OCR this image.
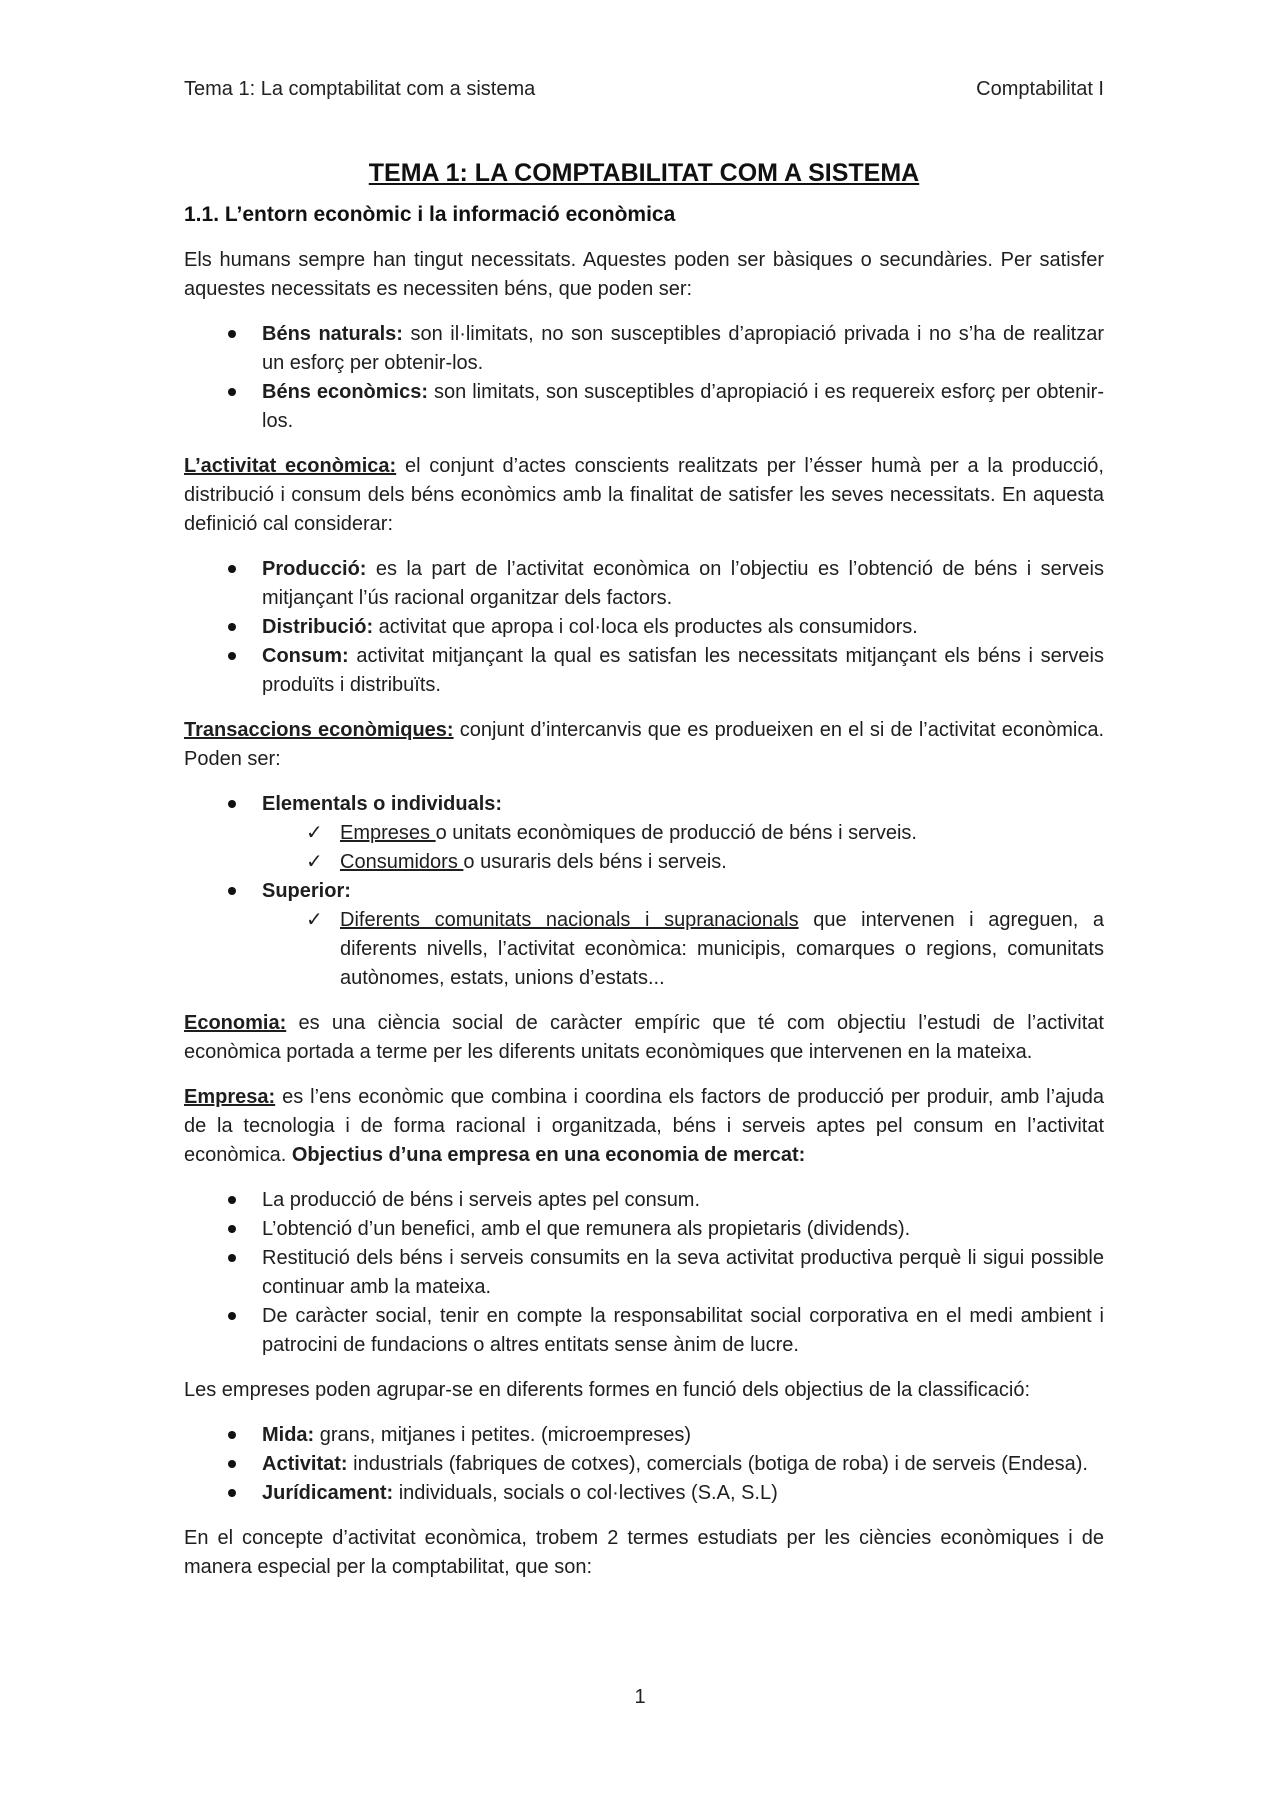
Tema 1: La comptabilitat com a sistema	Comptabilitat I
TEMA 1: LA COMPTABILITAT COM A SISTEMA
1.1. L’entorn econòmic i la informació econòmica

Els humans sempre han tingut necessitats. Aquestes poden ser bàsiques o secundàries. Per satisfer aquestes necessitats es necessiten béns, que poden ser:

Béns naturals: son il·limitats, no son susceptibles d’apropiació privada i no s’ha de realitzar un esforç per obtenir-los.
Béns econòmics: son limitats, son susceptibles d’apropiació i es requereix esforç per obtenir-los.

L’activitat econòmica: el conjunt d’actes conscients realitzats per l’ésser humà per a la producció, distribució i consum dels béns econòmics amb la finalitat de satisfer les seves necessitats. En aquesta definició cal considerar:

Producció: es la part de l’activitat econòmica on l’objectiu es l’obtenció de béns i serveis mitjançant l’ús racional organitzar dels factors.
Distribució: activitat que apropa i col·loca els productes als consumidors.
Consum: activitat mitjançant la qual es satisfan les necessitats mitjançant els béns i serveis produïts i distribuïts.

Transaccions econòmiques: conjunt d’intercanvis que es produeixen en el si de l’activitat econòmica. Poden ser:

Elementals o individuals:
✓ Empreses o unitats econòmiques de producció de béns i serveis.
✓ Consumidors o usuraris dels béns i serveis.
Superior:
✓ Diferents comunitats nacionals i supranacionals que intervenen i agreguen, a diferents nivells, l’activitat econòmica: municipis, comarques o regions, comunitats autònomes, estats, unions d’estats...

Economia: es una ciència social de caràcter empíric que té com objectiu l’estudi de l’activitat econòmica portada a terme per les diferents unitats econòmiques que intervenen en la mateixa.

Empresa: es l’ens econòmic que combina i coordina els factors de producció per produir, amb l’ajuda de la tecnologia i de forma racional i organitzada, béns i serveis aptes pel consum en l’activitat econòmica. Objectius d’una empresa en una economia de mercat:

La producció de béns i serveis aptes pel consum.
L’obtenció d’un benefici, amb el que remunera als propietaris (dividends).
Restitució dels béns i serveis consumits en la seva activitat productiva perquè li sigui possible continuar amb la mateixa.
De caràcter social, tenir en compte la responsabilitat social corporativa en el medi ambient i patrocini de fundacions o altres entitats sense ànim de lucre.

Les empreses poden agrupar-se en diferents formes en funció dels objectius de la classificació:

Mida: grans, mitjanes i petites. (microempreses)
Activitat: industrials (fabriques de cotxes), comercials (botiga de roba) i de serveis (Endesa).
Jurídicament: individuals, socials o col·lectives (S.A, S.L)

En el concepte d’activitat econòmica, trobem 2 termes estudiats per les ciències econòmiques i de manera especial per la comptabilitat, que son:

1
